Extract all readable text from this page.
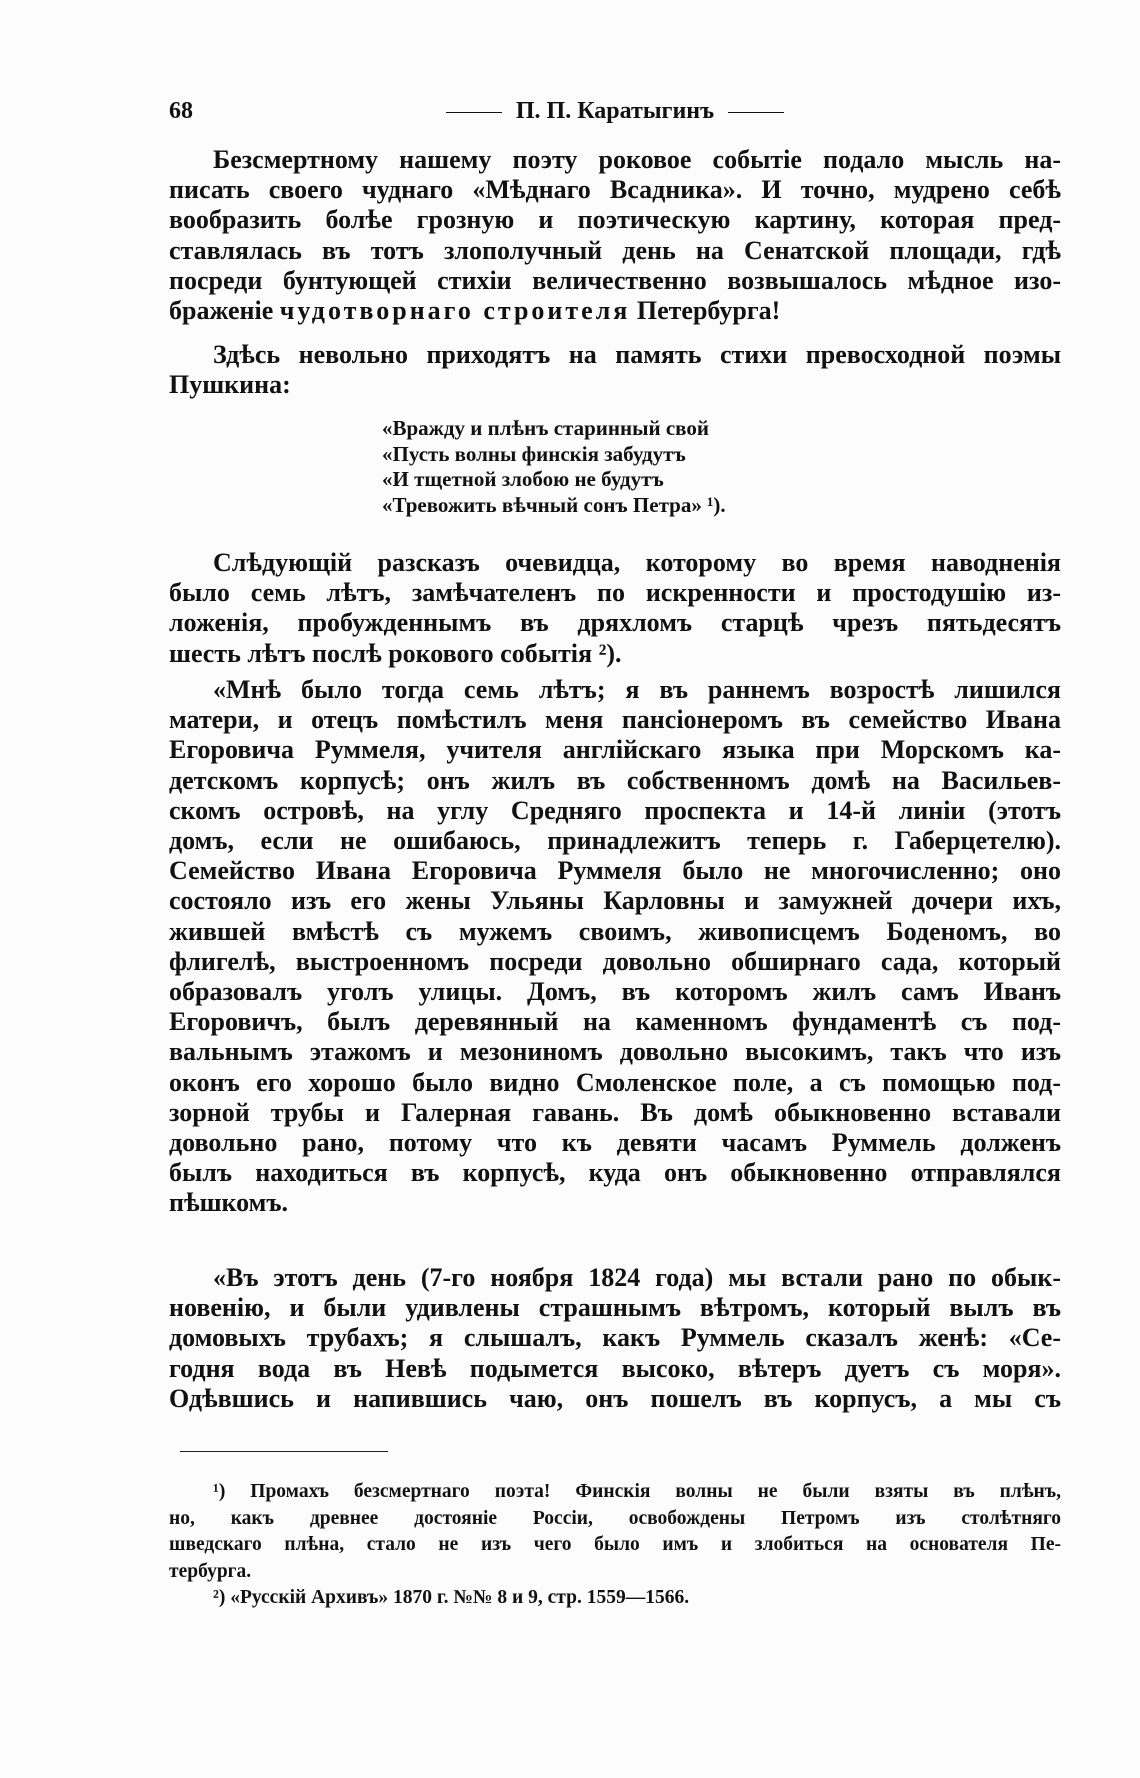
68	П. П. Каратыгинъ
Безсмертному нашему поэту роковое событіе подало мысль на-
писать своего чуднаго «Мѣднаго Всадника». И точно, мудрено себѣ
вообразить болѣе грозную и поэтическую картину, которая пред-
ставлялась въ тотъ злополучный день на Сенатской площади, гдѣ
посреди бунтующей стихіи величественно возвышалось мѣдное изо-
браженіе чудотворнаго строителя Петербурга!
Здѣсь невольно приходятъ на память стихи превосходной поэмы
Пушкина:
«Вражду и плѣнъ старинный свой
«Пусть волны финскія забудутъ
«И тщетной злобою не будутъ
«Тревожить вѣчный сонъ Петра» ¹).
Слѣдующій разсказъ очевидца, которому во время наводненія
было семь лѣтъ, замѣчателенъ по искренности и простодушію из-
ложенія, пробужденнымъ въ дряхломъ старцѣ чрезъ пятьдесятъ
шесть лѣтъ послѣ рокового событія ²).
«Мнѣ было тогда семь лѣтъ; я въ раннемъ возростѣ лишился
матери, и отецъ помѣстилъ меня пансіонеромъ въ семейство Ивана
Егоровича Руммеля, учителя англійскаго языка при Морскомъ ка-
детскомъ корпусѣ; онъ жилъ въ собственномъ домѣ на Васильев-
скомъ островѣ, на углу Средняго проспекта и 14-й линіи (этотъ
домъ, если не ошибаюсь, принадлежитъ теперь г. Габерцетелю).
Семейство Ивана Егоровича Руммеля было не многочисленно; оно
состояло изъ его жены Ульяны Карловны и замужней дочери ихъ,
жившей вмѣстѣ съ мужемъ своимъ, живописцемъ Боденомъ, во
флигелѣ, выстроенномъ посреди довольно обширнаго сада, который
образовалъ уголъ улицы. Домъ, въ которомъ жилъ самъ Иванъ
Егоровичъ, былъ деревянный на каменномъ фундаментѣ съ под-
вальнымъ этажомъ и мезониномъ довольно высокимъ, такъ что изъ
оконъ его хорошо было видно Смоленское поле, а съ помощью под-
зорной трубы и Галерная гавань. Въ домѣ обыкновенно вставали
довольно рано, потому что къ девяти часамъ Руммель долженъ
былъ находиться въ корпусѣ, куда онъ обыкновенно отправлялся
пѣшкомъ.
«Въ этотъ день (7-го ноября 1824 года) мы встали рано по обык-
новенію, и были удивлены страшнымъ вѣтромъ, который вылъ въ
домовыхъ трубахъ; я слышалъ, какъ Руммель сказалъ женѣ: «Се-
годня вода въ Невѣ подымется высоко, вѣтеръ дуетъ съ моря».
Одѣвшись и напившись чаю, онъ пошелъ въ корпусъ, а мы съ
¹) Промахъ безсмертнаго поэта! Финскія волны не были взяты въ плѣнъ,
но, какъ древнее достояніе Россіи, освобождены Петромъ изъ столѣтняго
шведскаго плѣна, стало не изъ чего было имъ и злобиться на основателя Пе-
тербурга.
²) «Русскій Архивъ» 1870 г. №№ 8 и 9, стр. 1559—1566.
